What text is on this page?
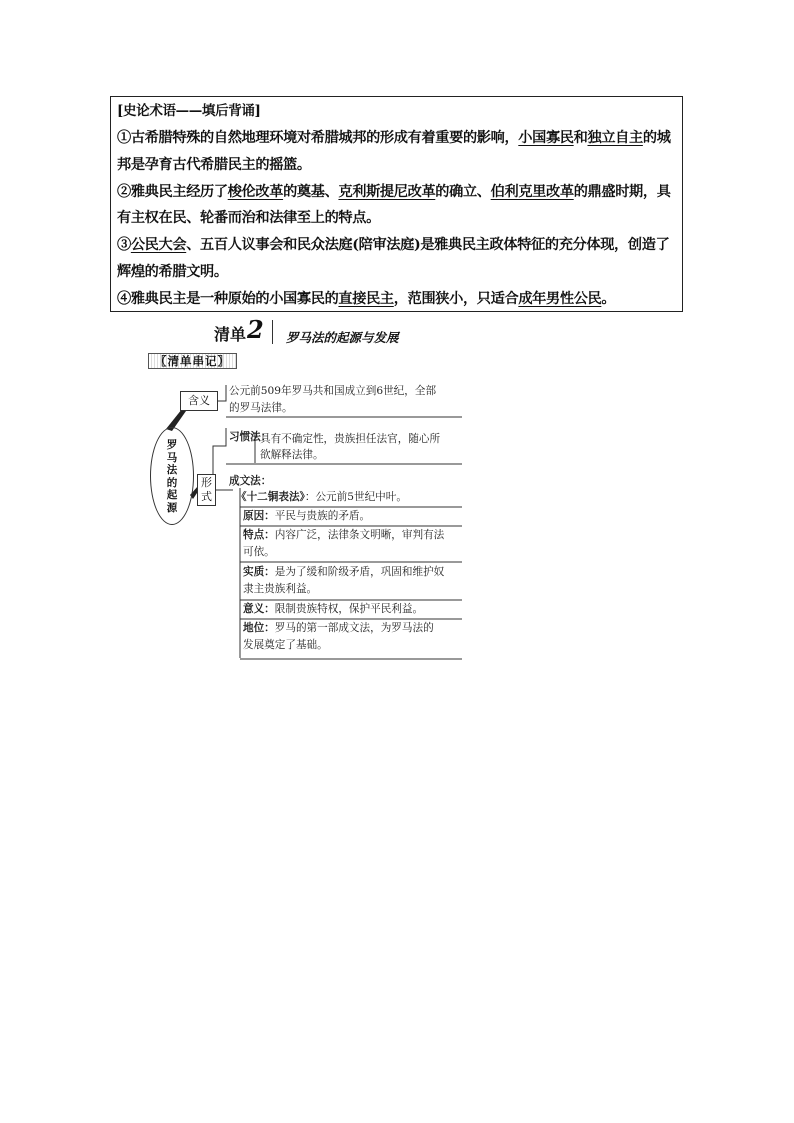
[史论术语——填后背诵]
①古希腊特殊的自然地理环境对希腊城邦的形成有着重要的影响，小国寡民和独立自主的城
邦是孕育古代希腊民主的摇篮。
②雅典民主经历了梭伦改革的奠基、克利斯提尼改革的确立、伯利克里改革的鼎盛时期，具
有主权在民、轮番而治和法律至上的特点。
③公民大会、五百人议事会和民众法庭(陪审法庭)是雅典民主政体特征的充分体现，创造了
辉煌的希腊文明。
④雅典民主是一种原始的小国寡民的直接民主，范围狭小，只适合成年男性公民。
清单 2 罗马法的起源与发展
〖清单串记〗
罗
马
法
的
起
源
含义
形
式
公元前509年罗马共和国成立到6世纪，全部
的罗马法律。
习惯法：
具有不确定性，贵族担任法官，随心所
欲解释法律。
成文法：
《十二铜表法》：公元前5世纪中叶。
原因：平民与贵族的矛盾。
特点：内容广泛，法律条文明晰，审判有法
可依。
实质：是为了缓和阶级矛盾，巩固和维护奴
隶主贵族利益。
意义：限制贵族特权，保护平民利益。
地位：罗马的第一部成文法，为罗马法的
发展奠定了基础。
